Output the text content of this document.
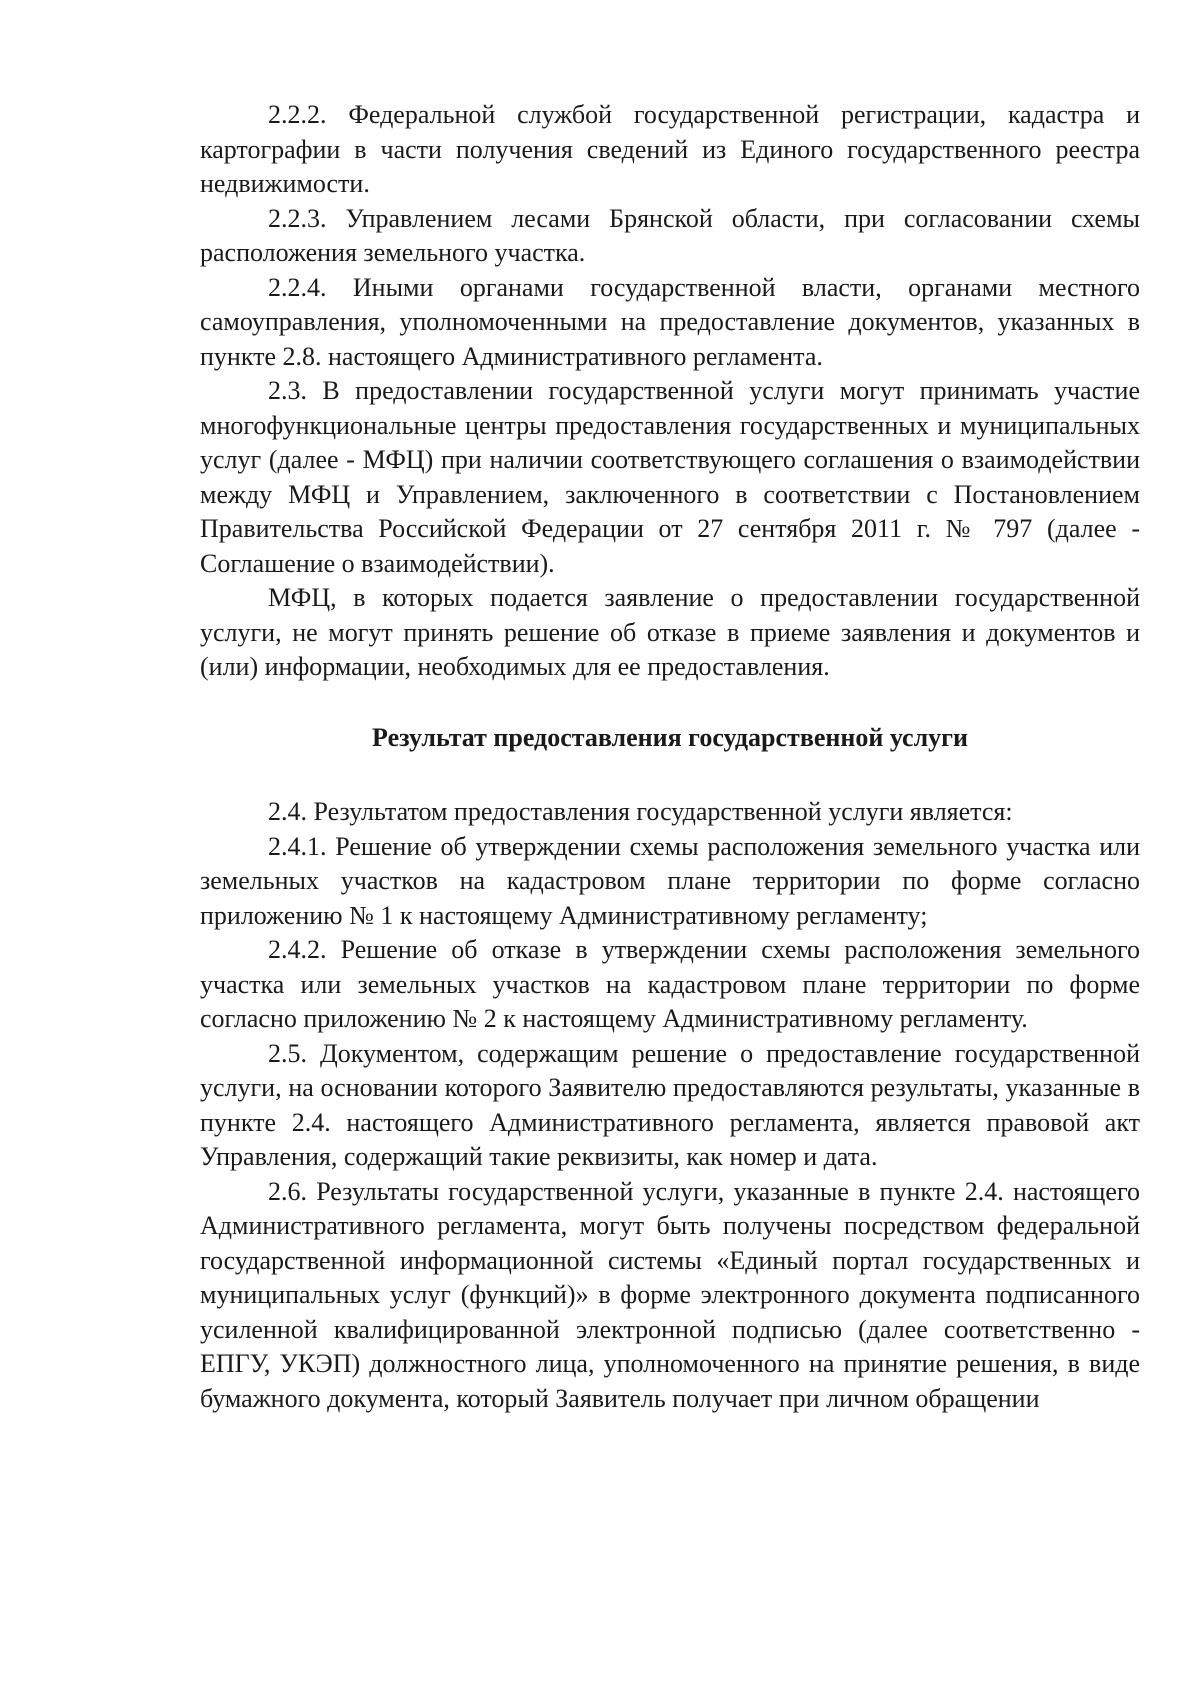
2.2.2. Федеральной службой государственной регистрации, кадастра и картографии в части получения сведений из Единого государственного реестра недвижимости.

2.2.3. Управлением лесами Брянской области, при согласовании схемы расположения земельного участка.

2.2.4. Иными органами государственной власти, органами местного самоуправления, уполномоченными на предоставление документов, указанных в пункте 2.8. настоящего Административного регламента.

2.3. В предоставлении государственной услуги могут принимать участие многофункциональные центры предоставления государственных и муниципальных услуг (далее - МФЦ) при наличии соответствующего соглашения о взаимодействии между МФЦ и Управлением, заключенного в соответствии с Постановлением Правительства Российской Федерации от 27 сентября 2011 г. № 797 (далее - Соглашение о взаимодействии).

МФЦ, в которых подается заявление о предоставлении государственной услуги, не могут принять решение об отказе в приеме заявления и документов и (или) информации, необходимых для ее предоставления.

Результат предоставления государственной услуги

2.4. Результатом предоставления государственной услуги является:

2.4.1. Решение об утверждении схемы расположения земельного участка или земельных участков на кадастровом плане территории по форме согласно приложению № 1 к настоящему Административному регламенту;

2.4.2. Решение об отказе в утверждении схемы расположения земельного участка или земельных участков на кадастровом плане территории по форме согласно приложению № 2 к настоящему Административному регламенту.

2.5. Документом, содержащим решение о предоставление государственной услуги, на основании которого Заявителю предоставляются результаты, указанные в пункте 2.4. настоящего Административного регламента, является правовой акт Управления, содержащий такие реквизиты, как номер и дата.

2.6. Результаты государственной услуги, указанные в пункте 2.4. настоящего Административного регламента, могут быть получены посредством федеральной государственной информационной системы «Единый портал государственных и муниципальных услуг (функций)» в форме электронного документа подписанного усиленной квалифицированной электронной подписью (далее соответственно - ЕПГУ, УКЭП) должностного лица, уполномоченного на принятие решения, в виде бумажного документа, который Заявитель получает при личном обращении
